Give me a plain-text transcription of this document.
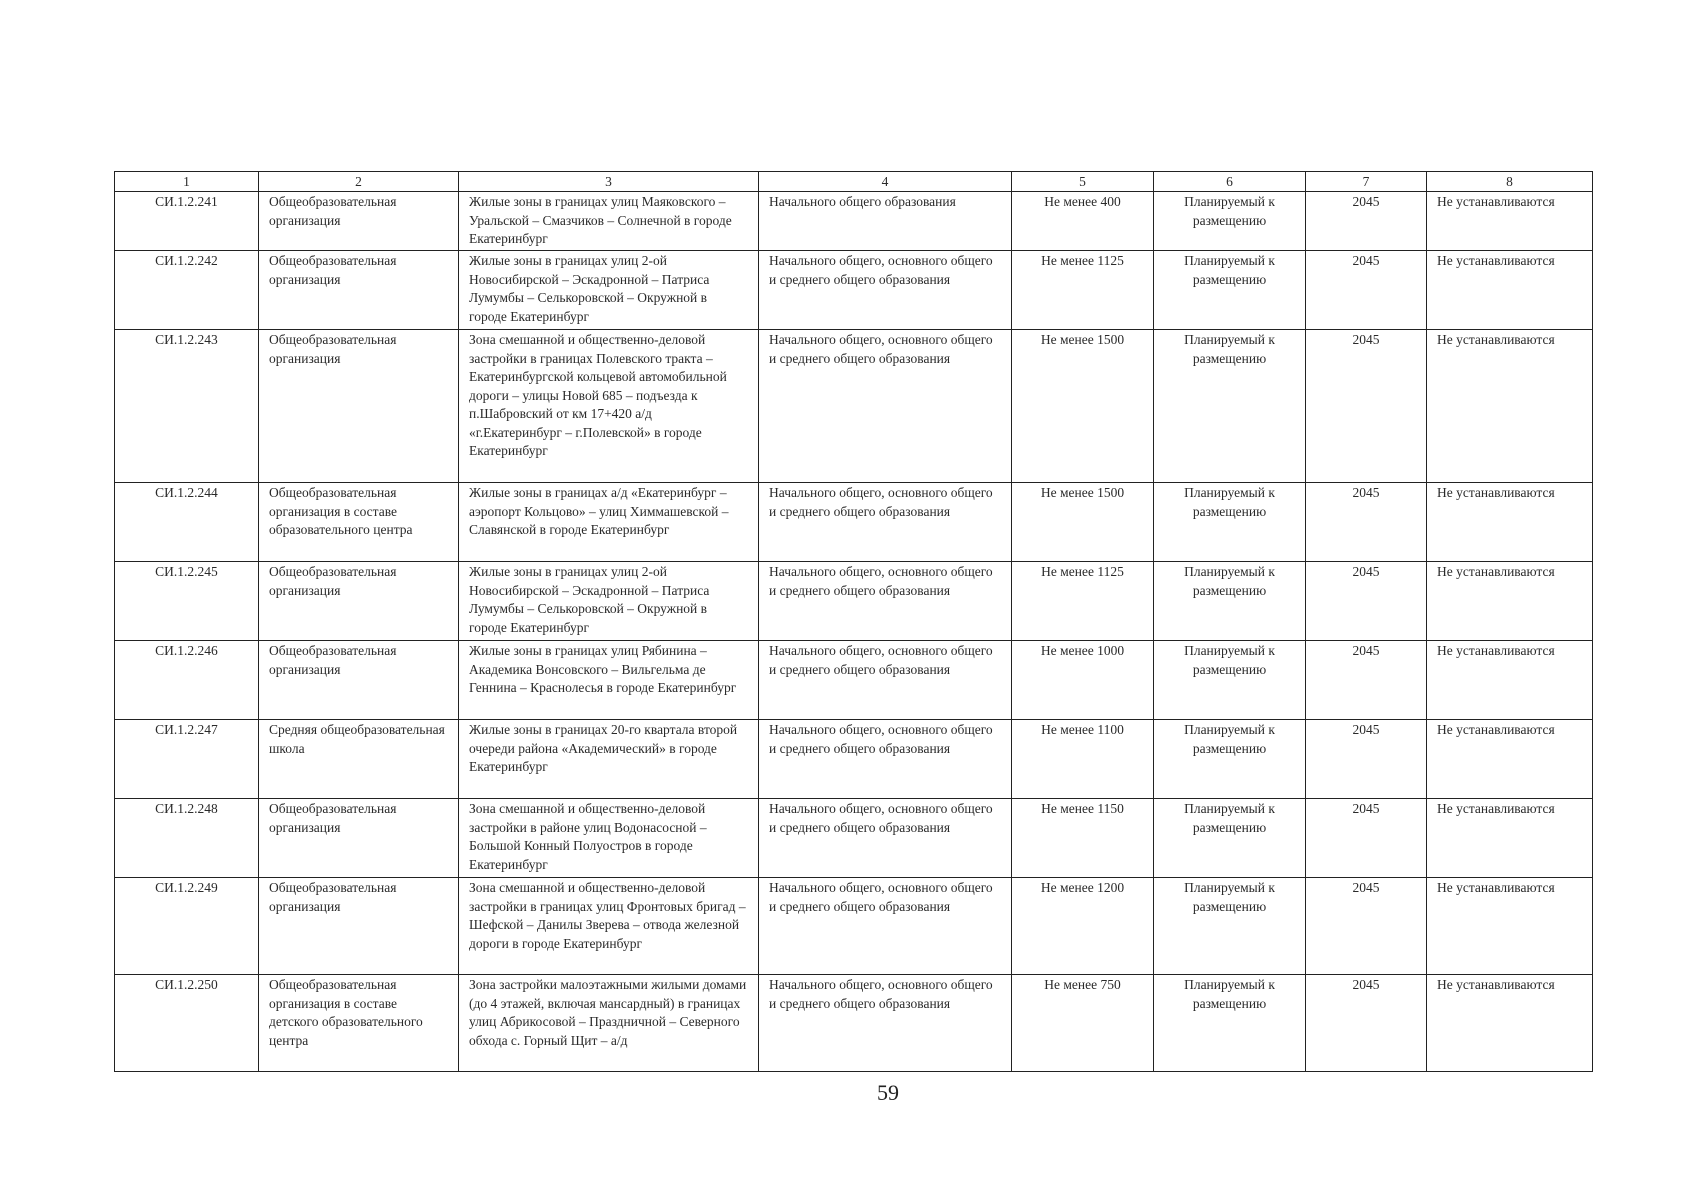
1	2	3	4	5	6	7	8
СИ.1.2.241	Общеобразовательная организация	Жилые зоны в границах улиц Маяковского – Уральской – Смазчиков – Солнечной в городе Екатеринбург	Начального общего образования	Не менее 400	Планируемый к размещению	2045	Не устанавливаются
СИ.1.2.242	Общеобразовательная организация	Жилые зоны в границах улиц 2-ой Новосибирской – Эскадронной – Патриса Лумумбы – Селькоровской – Окружной в городе Екатеринбург	Начального общего, основного общего и среднего общего образования	Не менее 1125	Планируемый к размещению	2045	Не устанавливаются
СИ.1.2.243	Общеобразовательная организация	Зона смешанной и общественно-деловой застройки в границах Полевского тракта – Екатеринбургской кольцевой автомобильной дороги – улицы Новой 685 – подъезда к п.Шабровский от км 17+420 а/д «г.Екатеринбург – г.Полевской» в городе Екатеринбург	Начального общего, основного общего и среднего общего образования	Не менее 1500	Планируемый к размещению	2045	Не устанавливаются
СИ.1.2.244	Общеобразовательная организация в составе образовательного центра	Жилые зоны в границах а/д «Екатеринбург – аэропорт Кольцово» – улиц Химмашевской – Славянской в городе Екатеринбург	Начального общего, основного общего и среднего общего образования	Не менее 1500	Планируемый к размещению	2045	Не устанавливаются
СИ.1.2.245	Общеобразовательная организация	Жилые зоны в границах улиц 2-ой Новосибирской – Эскадронной – Патриса Лумумбы – Селькоровской – Окружной в городе Екатеринбург	Начального общего, основного общего и среднего общего образования	Не менее 1125	Планируемый к размещению	2045	Не устанавливаются
СИ.1.2.246	Общеобразовательная организация	Жилые зоны в границах улиц Рябинина – Академика Вонсовского – Вильгельма де Геннина – Краснолесья в городе Екатеринбург	Начального общего, основного общего и среднего общего образования	Не менее 1000	Планируемый к размещению	2045	Не устанавливаются
СИ.1.2.247	Средняя общеобразовательная школа	Жилые зоны в границах 20-го квартала второй очереди района «Академический» в городе Екатеринбург	Начального общего, основного общего и среднего общего образования	Не менее 1100	Планируемый к размещению	2045	Не устанавливаются
СИ.1.2.248	Общеобразовательная организация	Зона смешанной и общественно-деловой застройки в районе улиц Водонасосной – Большой Конный Полуостров в городе Екатеринбург	Начального общего, основного общего и среднего общего образования	Не менее 1150	Планируемый к размещению	2045	Не устанавливаются
СИ.1.2.249	Общеобразовательная организация	Зона смешанной и общественно-деловой застройки в границах улиц Фронтовых бригад – Шефской – Данилы Зверева – отвода железной дороги в городе Екатеринбург	Начального общего, основного общего и среднего общего образования	Не менее 1200	Планируемый к размещению	2045	Не устанавливаются
СИ.1.2.250	Общеобразовательная организация в составе детского образовательного центра	Зона застройки малоэтажными жилыми домами (до 4 этажей, включая мансардный) в границах улиц Абрикосовой – Праздничной – Северного обхода с. Горный Щит – а/д	Начального общего, основного общего и среднего общего образования	Не менее 750	Планируемый к размещению	2045	Не устанавливаются
59
